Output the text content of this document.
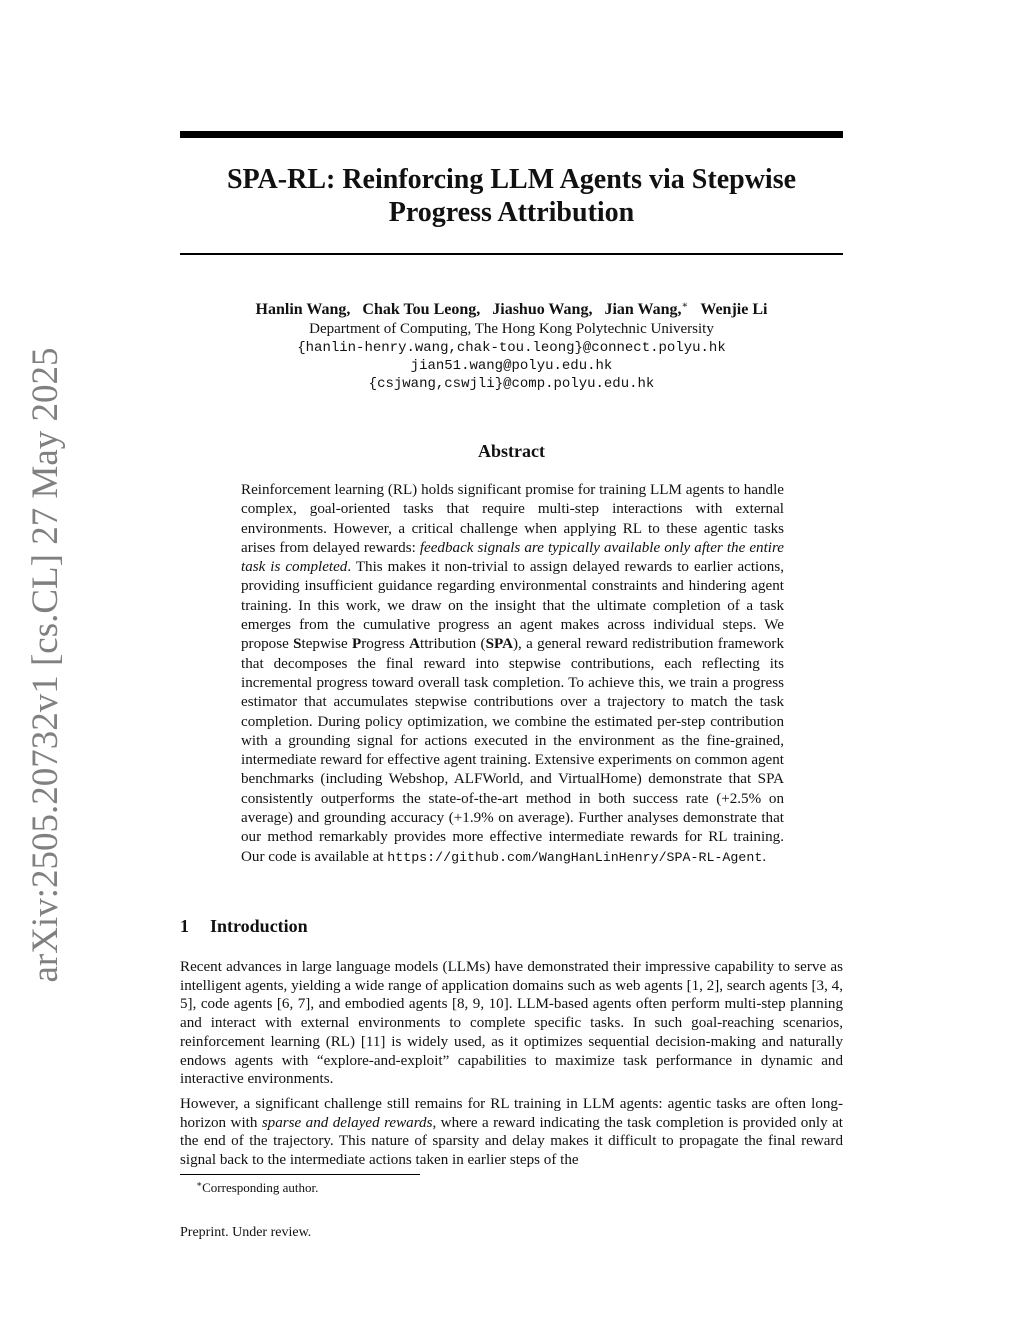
arXiv:2505.20732v1 [cs.CL] 27 May 2025
SPA-RL: Reinforcing LLM Agents via Stepwise Progress Attribution
Hanlin Wang, Chak Tou Leong, Jiashuo Wang, Jian Wang,∗ Wenjie Li
Department of Computing, The Hong Kong Polytechnic University
{hanlin-henry.wang,chak-tou.leong}@connect.polyu.hk
jian51.wang@polyu.edu.hk
{csjwang,cswjli}@comp.polyu.edu.hk
Abstract

Reinforcement learning (RL) holds significant promise for training LLM agents to handle complex, goal-oriented tasks that require multi-step interactions with external environments. However, a critical challenge when applying RL to these agentic tasks arises from delayed rewards: feedback signals are typically available only after the entire task is completed. This makes it non-trivial to assign delayed rewards to earlier actions, providing insufficient guidance regarding environmental constraints and hindering agent training. In this work, we draw on the insight that the ultimate completion of a task emerges from the cumulative progress an agent makes across individual steps. We propose Stepwise Progress Attribution (SPA), a general reward redistribution framework that decomposes the final reward into stepwise contributions, each reflecting its incremental progress toward overall task completion. To achieve this, we train a progress estimator that accumulates stepwise contributions over a trajectory to match the task completion. During policy optimization, we combine the estimated per-step contribution with a grounding signal for actions executed in the environment as the fine-grained, intermediate reward for effective agent training. Extensive experiments on common agent benchmarks (including Webshop, ALFWorld, and VirtualHome) demonstrate that SPA consistently outperforms the state-of-the-art method in both success rate (+2.5% on average) and grounding accuracy (+1.9% on average). Further analyses demonstrate that our method remarkably provides more effective intermediate rewards for RL training. Our code is available at https://github.com/WangHanLinHenry/SPA-RL-Agent.

1 Introduction

Recent advances in large language models (LLMs) have demonstrated their impressive capability to serve as intelligent agents, yielding a wide range of application domains such as web agents [1, 2], search agents [3, 4, 5], code agents [6, 7], and embodied agents [8, 9, 10]. LLM-based agents often perform multi-step planning and interact with external environments to complete specific tasks. In such goal-reaching scenarios, reinforcement learning (RL) [11] is widely used, as it optimizes sequential decision-making and naturally endows agents with “explore-and-exploit” capabilities to maximize task performance in dynamic and interactive environments.

However, a significant challenge still remains for RL training in LLM agents: agentic tasks are often long-horizon with sparse and delayed rewards, where a reward indicating the task completion is provided only at the end of the trajectory. This nature of sparsity and delay makes it difficult to propagate the final reward signal back to the intermediate actions taken in earlier steps of the

∗Corresponding author.

Preprint. Under review.
